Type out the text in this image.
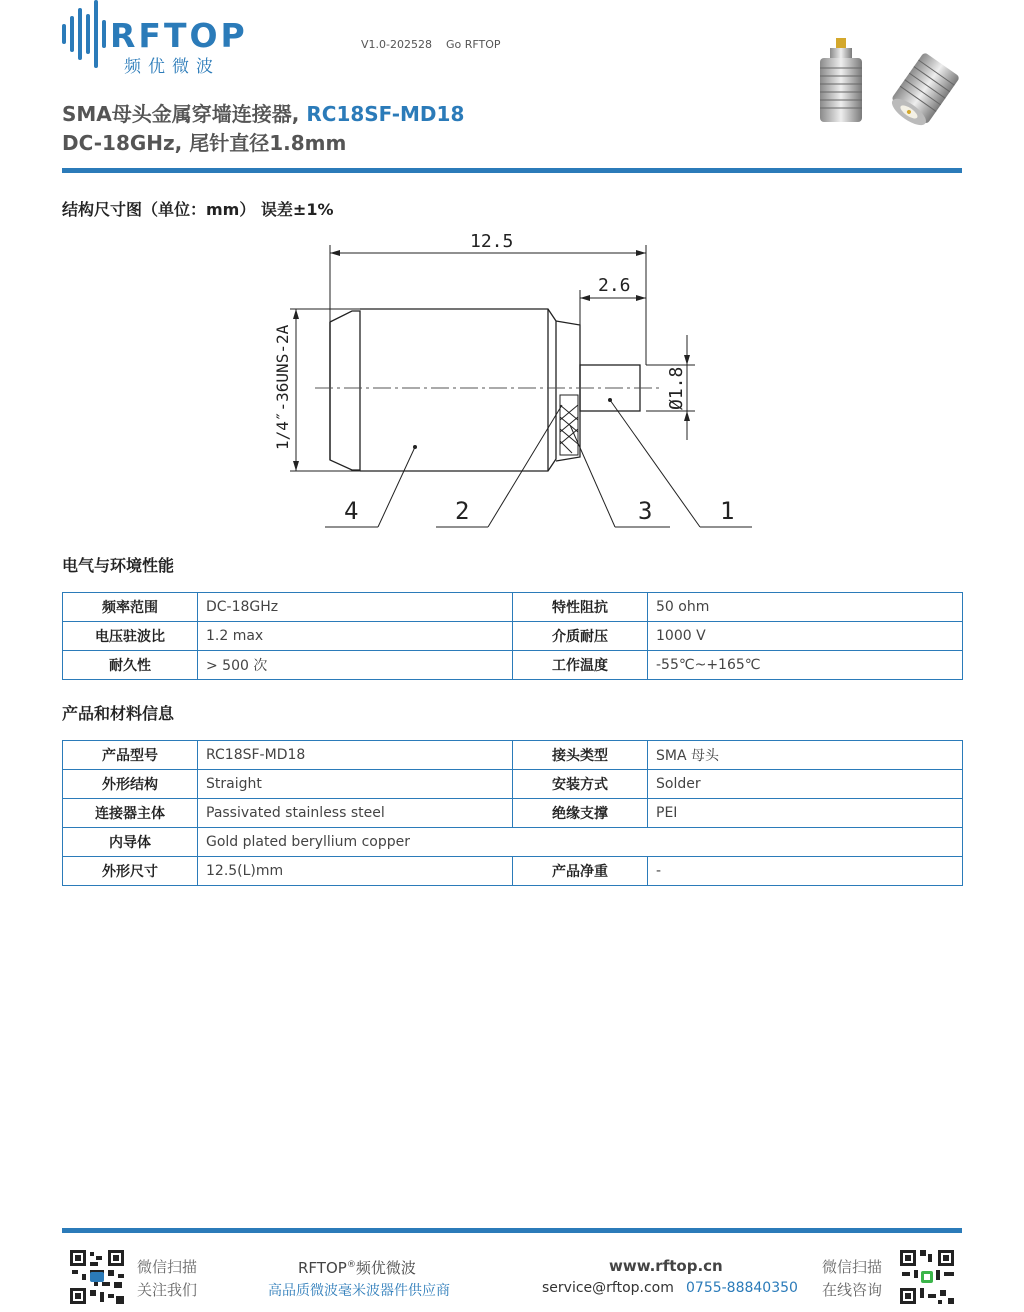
RFTOP
频优微波
V1.0-202528    Go RFTOP
SMA母头金属穿墙连接器, RC18SF-MD18
DC-18GHz, 尾针直径1.8mm
结构尺寸图（单位：mm） 误差±1%
12.5
2.6
Ø1.8
1/4″-36UNS-2A
4	2	3	1
电气与环境性能
频率范围	DC-18GHz	特性阻抗	50 ohm
电压驻波比	1.2 max	介质耐压	1000 V
耐久性	> 500 次	工作温度	-55℃~+165℃
产品和材料信息
产品型号	RC18SF-MD18	接头类型	SMA 母头
外形结构	Straight	安装方式	Solder
连接器主体	Passivated stainless steel	绝缘支撑	PEI
内导体	Gold plated beryllium copper		
外形尺寸	12.5(L)mm	产品净重	-
微信扫描
关注我们
RFTOP®频优微波
高品质微波毫米波器件供应商
www.rftop.cn
service@rftop.com 0755-88840350
微信扫描
在线咨询
